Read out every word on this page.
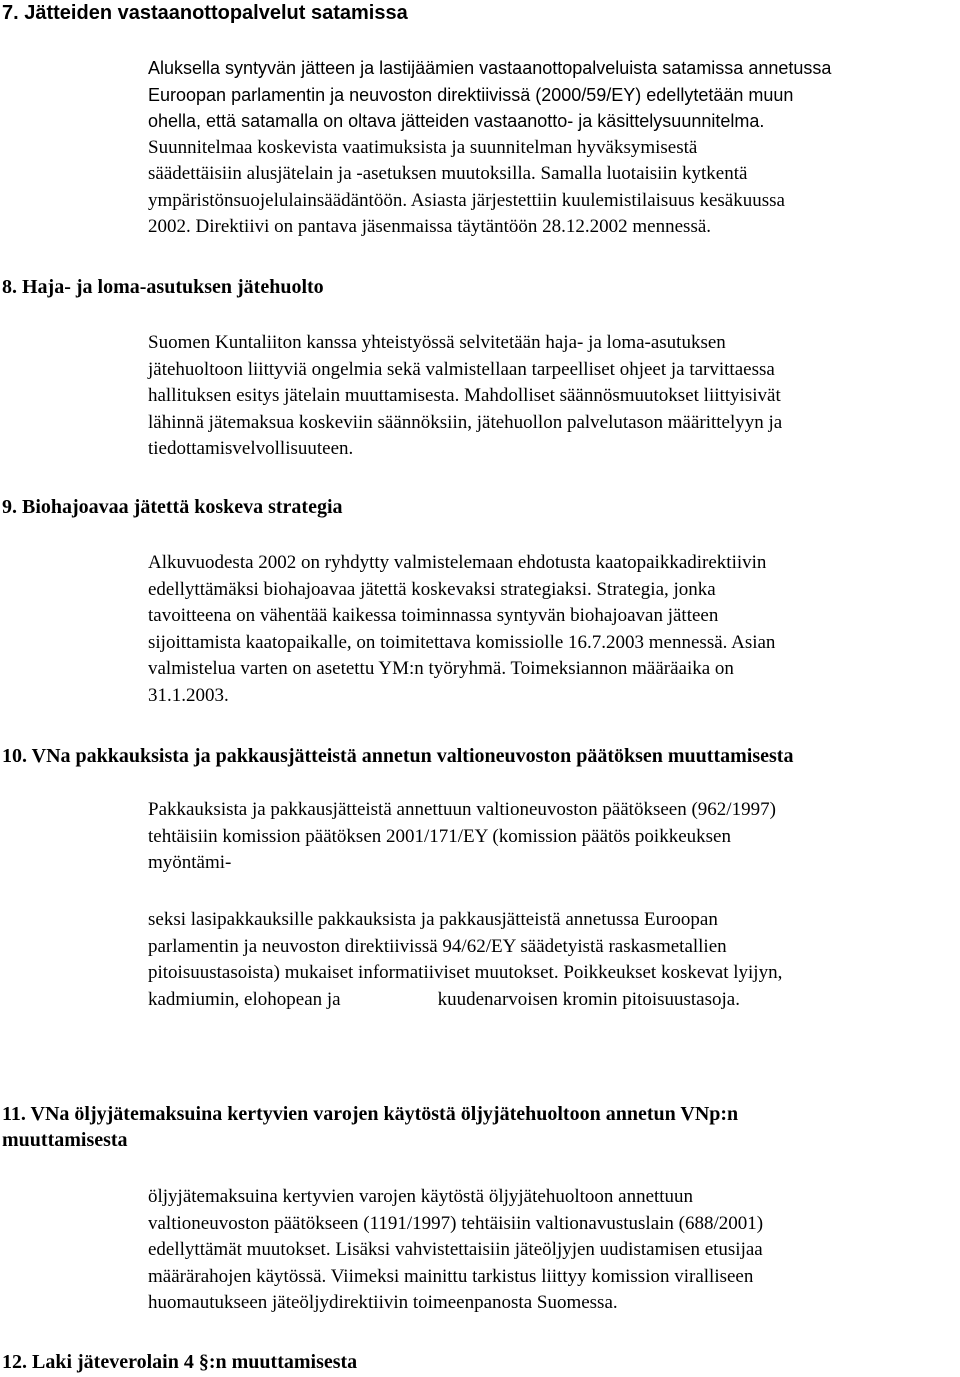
7. Jätteiden vastaanottopalvelut satamissa
Aluksella syntyvän jätteen ja lastijäämien vastaanottopalveluista satamissa annetussa
Euroopan parlamentin ja neuvoston direktiivissä (2000/59/EY) edellytetään muun
ohella, että satamalla on oltava jätteiden vastaanotto- ja käsittelysuunnitelma.
Suunnitelmaa koskevista vaatimuksista ja suunnitelman hyväksymisestä
säädettäisiin alusjätelain ja -asetuksen muutoksilla. Samalla luotaisiin kytkentä
ympäristönsuojelulainsäädäntöön. Asiasta järjestettiin kuulemistilaisuus kesäkuussa
2002. Direktiivi on pantava jäsenmaissa täytäntöön 28.12.2002 mennessä.
8. Haja- ja loma-asutuksen jätehuolto
Suomen Kuntaliiton kanssa yhteistyössä selvitetään haja- ja loma-asutuksen
jätehuoltoon liittyviä ongelmia sekä valmistellaan tarpeelliset ohjeet ja tarvittaessa
hallituksen esitys jätelain muuttamisesta. Mahdolliset säännösmuutokset liittyisivät
lähinnä jätemaksua koskeviin säännöksiin, jätehuollon palvelutason määrittelyyn ja
tiedottamisvelvollisuuteen.
9. Biohajoavaa jätettä koskeva strategia
Alkuvuodesta 2002 on ryhdytty valmistelemaan ehdotusta kaatopaikkadirektiivin
edellyttämäksi biohajoavaa jätettä koskevaksi strategiaksi. Strategia, jonka
tavoitteena on vähentää kaikessa toiminnassa syntyvän biohajoavan jätteen
sijoittamista kaatopaikalle, on toimitettava komissiolle 16.7.2003 mennessä. Asian
valmistelua varten on asetettu YM:n työryhmä. Toimeksiannon määräaika on
31.1.2003.
10. VNa pakkauksista ja pakkausjätteistä annetun valtioneuvoston päätöksen muuttamisesta
Pakkauksista ja pakkausjätteistä annettuun valtioneuvoston päätökseen (962/1997)
tehtäisiin komission päätöksen 2001/171/EY (komission päätös poikkeuksen
myöntämi-
seksi lasipakkauksille pakkauksista ja pakkausjätteistä annetussa Euroopan
parlamentin ja neuvoston direktiivissä 94/62/EY säädetyistä raskasmetallien
pitoisuustasoista) mukaiset informatiiviset muutokset. Poikkeukset koskevat lyijyn,
kadmiumin, elohopean ja	kuudenarvoisen kromin pitoisuustasoja.
11. VNa öljyjätemaksuina kertyvien varojen käytöstä öljyjätehuoltoon annetun VNp:n
muuttamisesta
öljyjätemaksuina kertyvien varojen käytöstä öljyjätehuoltoon annettuun
valtioneuvoston päätökseen (1191/1997) tehtäisiin valtionavustuslain (688/2001)
edellyttämät muutokset. Lisäksi vahvistettaisiin jäteöljyjen uudistamisen etusijaa
määrärahojen käytössä. Viimeksi mainittu tarkistus liittyy komission viralliseen
huomautukseen jäteöljydirektiivin toimeenpanosta Suomessa.
12. Laki jäteverolain 4 §:n muuttamisesta
